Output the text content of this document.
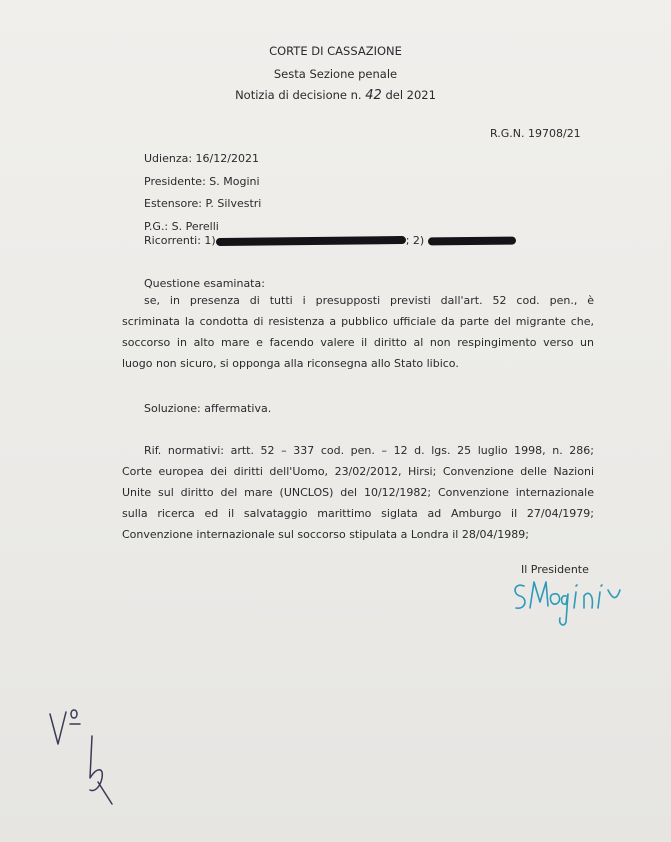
CORTE DI CASSAZIONE
Sesta Sezione penale
Notizia di decisione n. 42 del 2021
R.G.N. 19708/21
Udienza: 16/12/2021
Presidente: S. Mogini
Estensore: P. Silvestri
P.G.: S. Perelli
Ricorrenti: 1)	; 2)
Questione esaminata:
se, in presenza di tutti i presupposti previsti dall'art. 52 cod. pen., è
scriminata la condotta di resistenza a pubblico ufficiale da parte del migrante che,
soccorso in alto mare e facendo valere il diritto al non respingimento verso un
luogo non sicuro, si opponga alla riconsegna allo Stato libico.
Soluzione: affermativa.
Rif. normativi: artt. 52 – 337 cod. pen. – 12 d. lgs. 25 luglio 1998, n. 286;
Corte europea dei diritti dell'Uomo, 23/02/2012, Hirsi; Convenzione delle Nazioni
Unite sul diritto del mare (UNCLOS) del 10/12/1982; Convenzione internazionale
sulla ricerca ed il salvataggio marittimo siglata ad Amburgo il 27/04/1979;
Convenzione internazionale sul soccorso stipulata a Londra il 28/04/1989;
Il Presidente
